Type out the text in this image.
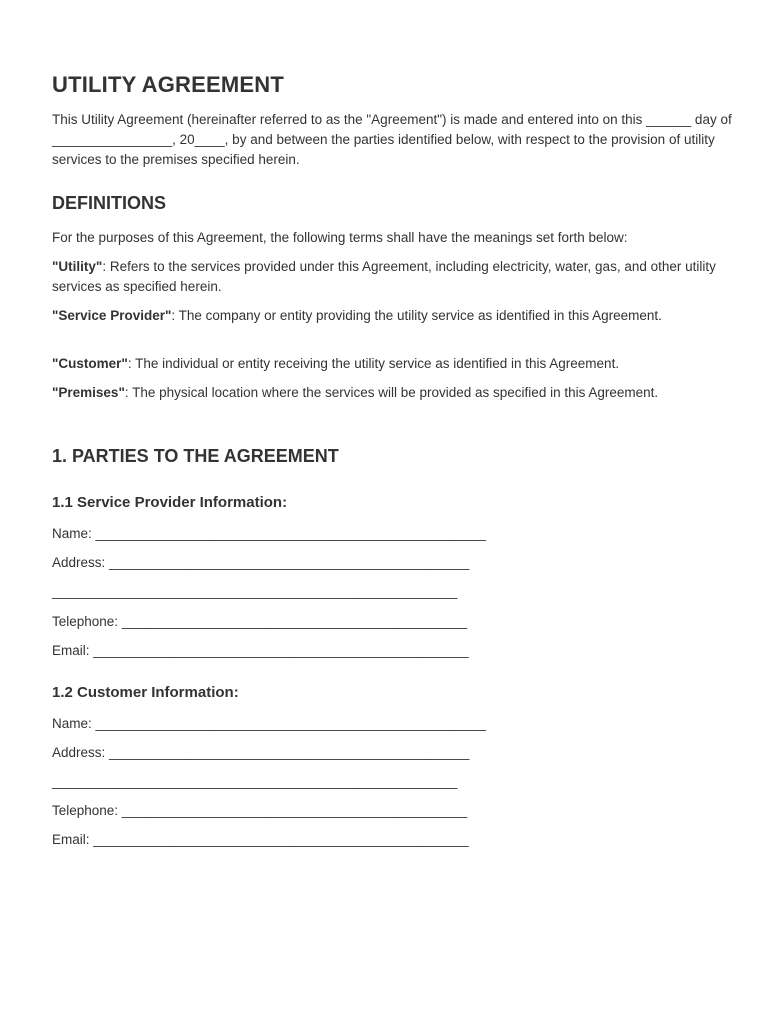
UTILITY AGREEMENT

This Utility Agreement (hereinafter referred to as the "Agreement") is made and entered into on this ______ day of ________________, 20____, by and between the parties identified below, with respect to the provision of utility services to the premises specified herein.

DEFINITIONS

For the purposes of this Agreement, the following terms shall have the meanings set forth below:

"Utility": Refers to the services provided under this Agreement, including electricity, water, gas, and other utility services as specified herein.

"Service Provider": The company or entity providing the utility service as identified in this Agreement.

"Customer": The individual or entity receiving the utility service as identified in this Agreement.

"Premises": The physical location where the services will be provided as specified in this Agreement.

1. PARTIES TO THE AGREEMENT
1.1 Service Provider Information:
Name: ____________________________________________________
Address: ________________________________________________
______________________________________________________
Telephone: ______________________________________________
Email: __________________________________________________
1.2 Customer Information:
Name: ____________________________________________________
Address: ________________________________________________
______________________________________________________
Telephone: ______________________________________________
Email: __________________________________________________
